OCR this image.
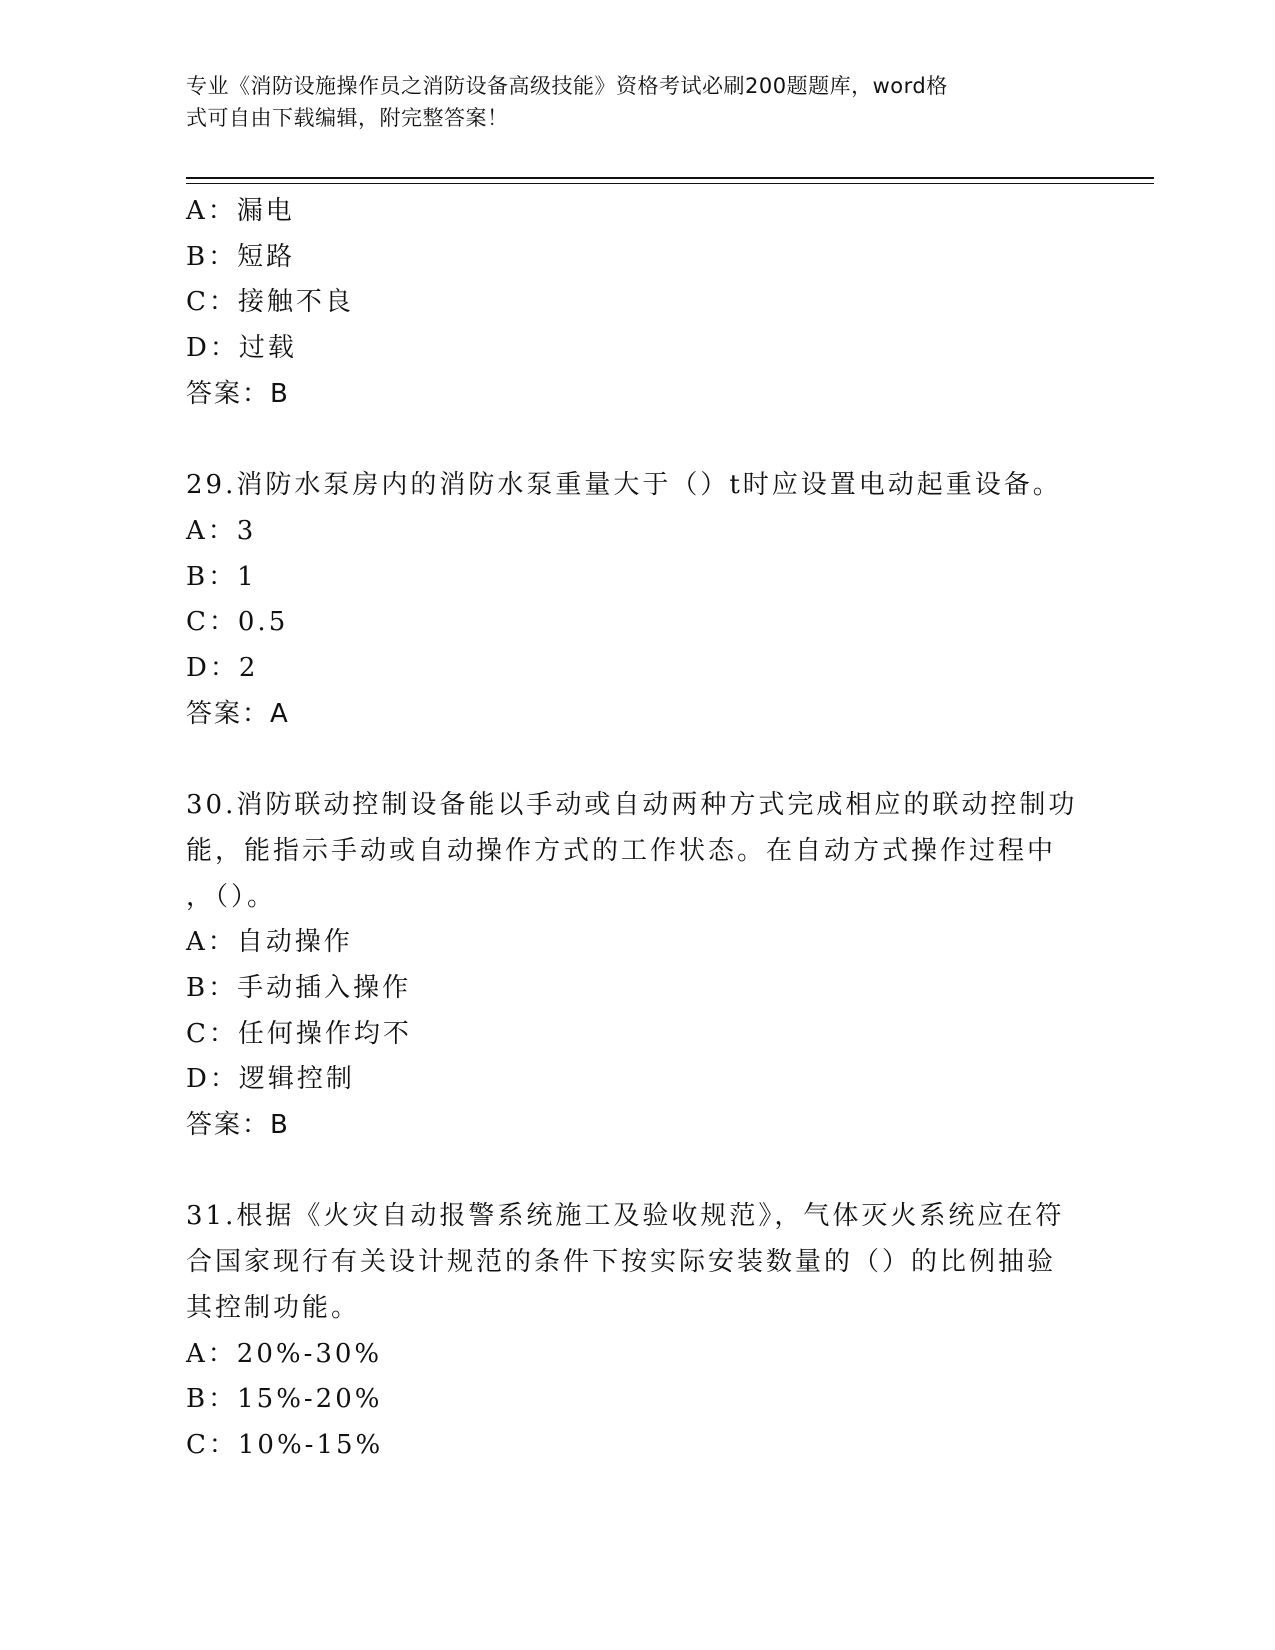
专业《消防设施操作员之消防设备高级技能》资格考试必刷200题题库，word格
式可自由下载编辑，附完整答案！
A：漏电
B：短路
C：接触不良
D：过载
答案：B
29.消防水泵房内的消防水泵重量大于（）t时应设置电动起重设备。
A：3
B：1
C：0.5
D：2
答案：A
30.消防联动控制设备能以手动或自动两种方式完成相应的联动控制功
能，能指示手动或自动操作方式的工作状态。在自动方式操作过程中
，（）。
A：自动操作
B：手动插入操作
C：任何操作均不
D：逻辑控制
答案：B
31.根据《火灾自动报警系统施工及验收规范》，气体灭火系统应在符
合国家现行有关设计规范的条件下按实际安装数量的（）的比例抽验
其控制功能。
A：20%-30%
B：15%-20%
C：10%-15%
